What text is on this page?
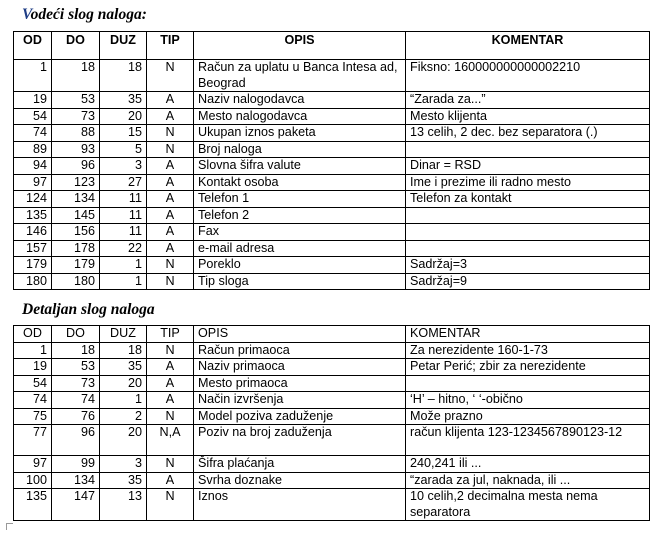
Vodeći slog naloga:
OD	DO	DUZ	TIP	OPIS	KOMENTAR
1	18	18	N	Račun za uplatu u Banca Intesa ad, Beograd	Fiksno: 160000000000002210
19	53	35	A	Naziv nalogodavca	“Zarada za...”
54	73	20	A	Mesto nalogodavca	Mesto klijenta
74	88	15	N	Ukupan iznos paketa	13 celih, 2 dec. bez separatora (.)
89	93	5	N	Broj naloga	
94	96	3	A	Slovna šifra valute	Dinar = RSD
97	123	27	A	Kontakt osoba	Ime i prezime ili radno mesto
124	134	11	A	Telefon 1	Telefon za kontakt
135	145	11	A	Telefon 2	
146	156	11	A	Fax	
157	178	22	A	e-mail adresa	
179	179	1	N	Poreklo	Sadržaj=3
180	180	1	N	Tip sloga	Sadržaj=9
Detaljan slog naloga
OD	DO	DUZ	TIP	OPIS	KOMENTAR
1	18	18	N	Račun primaoca	Za nerezidente 160-1-73
19	53	35	A	Naziv primaoca	Petar Perić; zbir za nerezidente
54	73	20	A	Mesto primaoca	
74	74	1	A	Način izvršenja	‘H’ – hitno, ‘ ‘-obično
75	76	2	N	Model poziva zaduženje	Može prazno
77	96	20	N,A	Poziv na broj zaduženja	račun klijenta 123-1234567890123-12
97	99	3	N	Šifra plaćanja	240,241 ili ...
100	134	35	A	Svrha doznake	“zarada za jul, naknada, ili ...
135	147	13	N	Iznos	10 celih,2 decimalna mesta nema separatora
